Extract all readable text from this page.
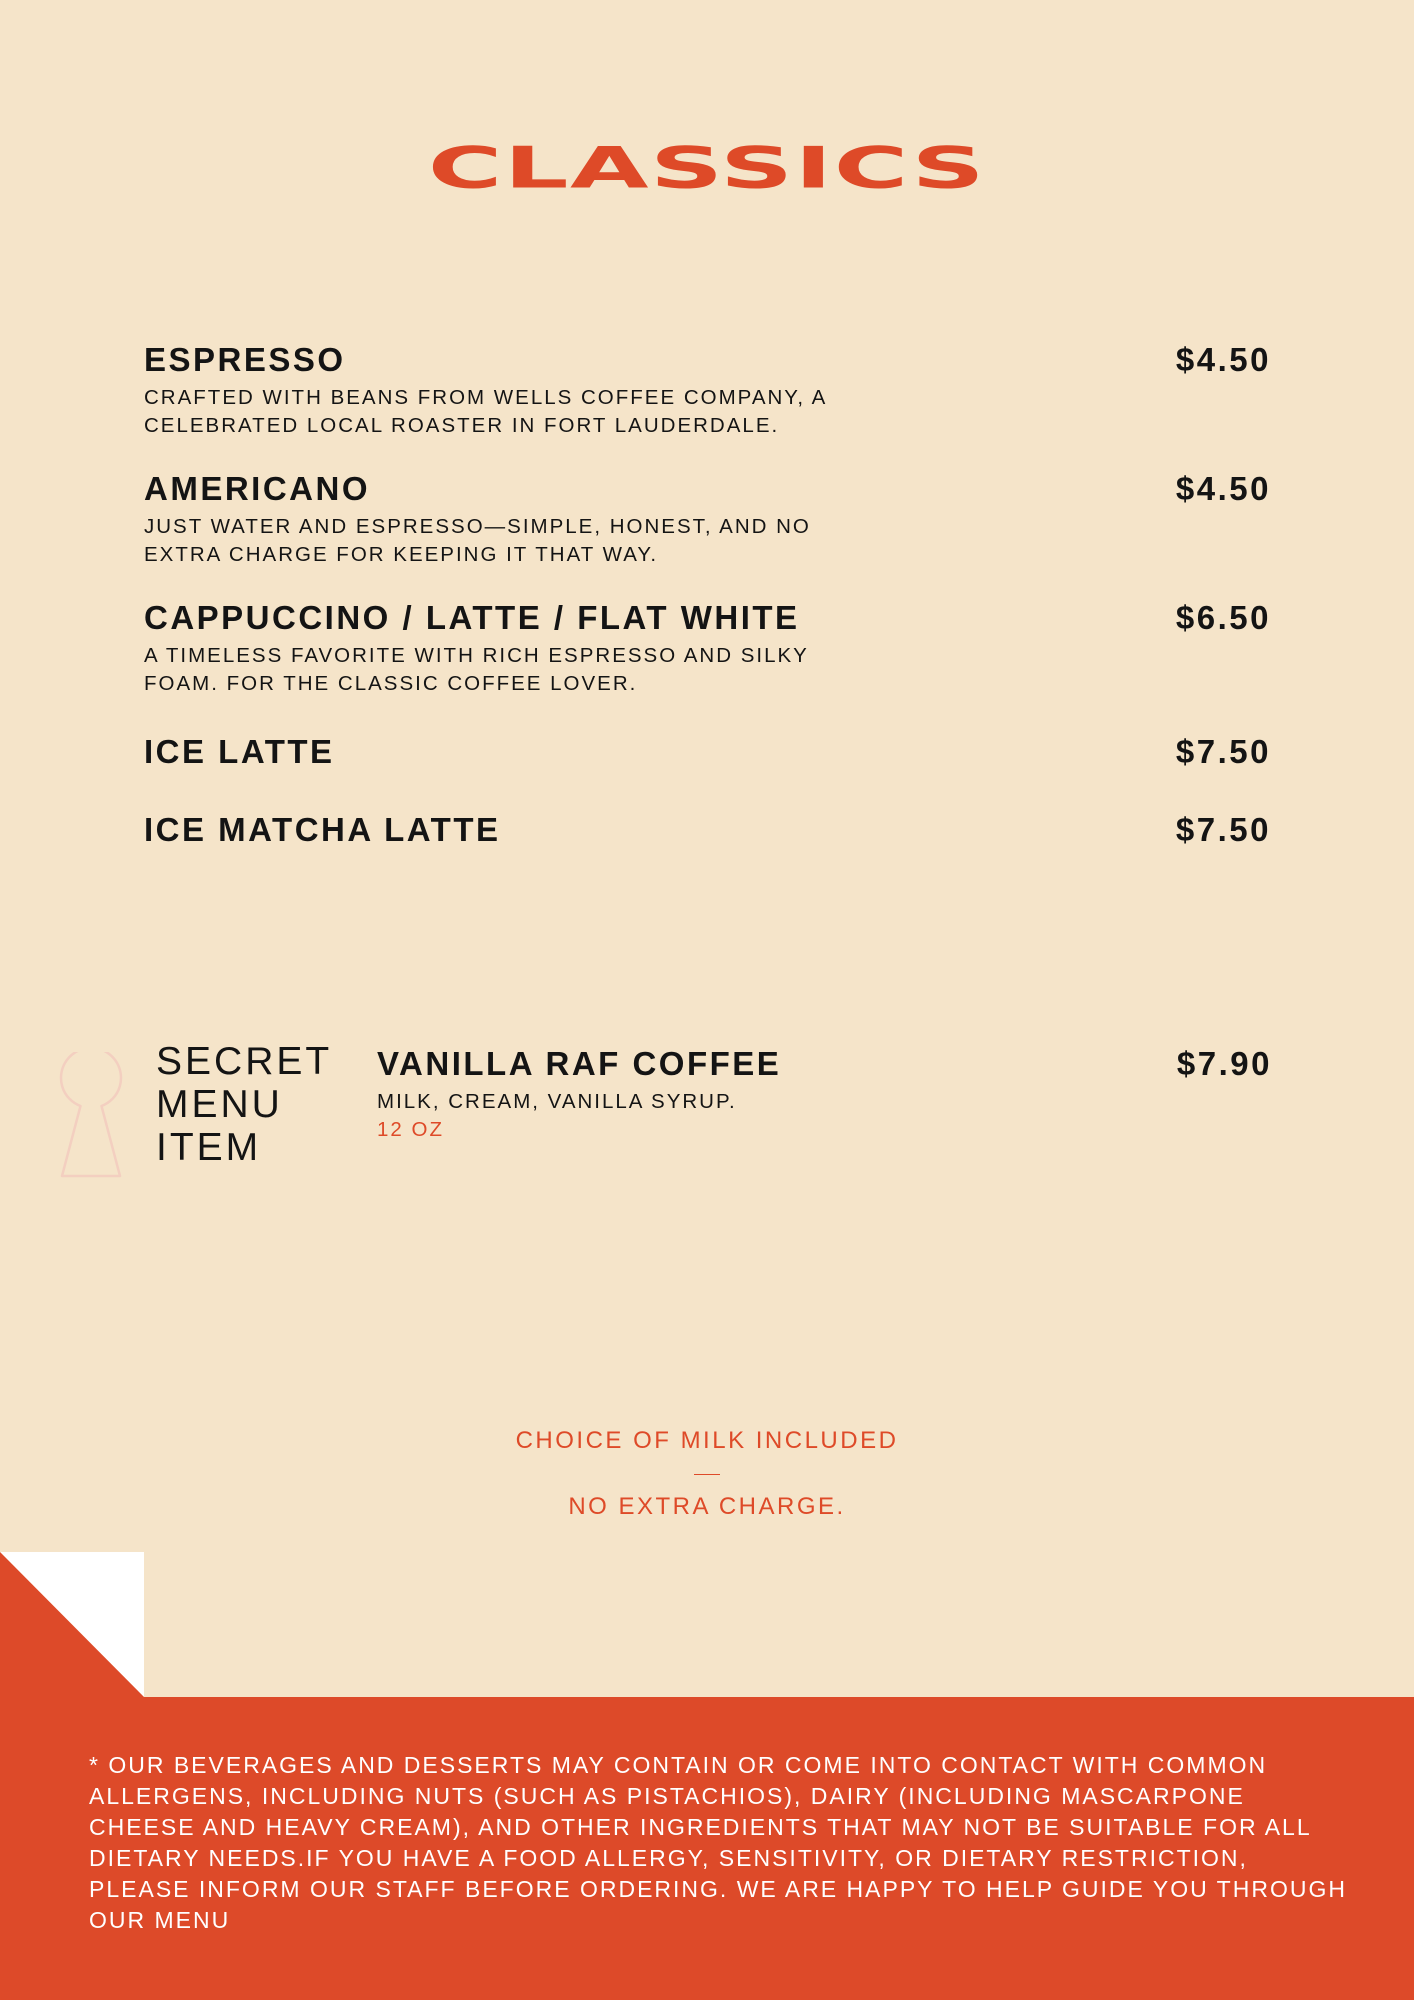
CLASSICS
ESPRESSO
CRAFTED WITH BEANS FROM WELLS COFFEE COMPANY, A CELEBRATED LOCAL ROASTER IN FORT LAUDERDALE.
$4.50
AMERICANO
JUST WATER AND ESPRESSO—SIMPLE, HONEST, AND NO EXTRA CHARGE FOR KEEPING IT THAT WAY.
$4.50
CAPPUCCINO / LATTE / FLAT WHITE
A TIMELESS FAVORITE WITH RICH ESPRESSO AND SILKY FOAM. FOR THE CLASSIC COFFEE LOVER.
$6.50
ICE LATTE	$7.50
ICE MATCHA LATTE	$7.50
SECRET
MENU
ITEM
VANILLA RAF COFFEE
MILK, CREAM, VANILLA SYRUP.
12 OZ
$7.90
CHOICE OF MILK INCLUDED
NO EXTRA CHARGE.
* OUR BEVERAGES AND DESSERTS MAY CONTAIN OR COME INTO CONTACT WITH COMMON ALLERGENS, INCLUDING NUTS (SUCH AS PISTACHIOS), DAIRY (INCLUDING MASCARPONE CHEESE AND HEAVY CREAM), AND OTHER INGREDIENTS THAT MAY NOT BE SUITABLE FOR ALL DIETARY NEEDS.IF YOU HAVE A FOOD ALLERGY, SENSITIVITY, OR DIETARY RESTRICTION, PLEASE INFORM OUR STAFF BEFORE ORDERING. WE ARE HAPPY TO HELP GUIDE YOU THROUGH OUR MENU
